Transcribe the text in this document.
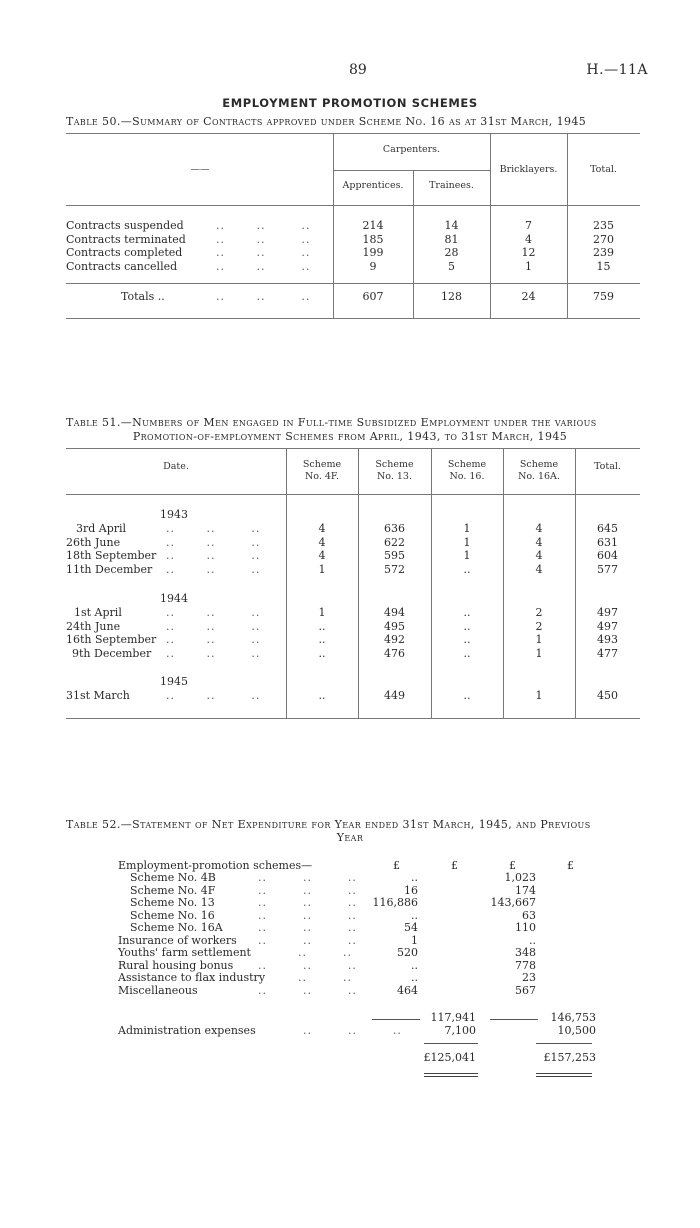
89	H.—11A
EMPLOYMENT PROMOTION SCHEMES
Table 50.—Summary of Contracts approved under Scheme No. 16 as at 31st March, 1945
——
Carpenters.
Apprentices.	Trainees.
Bricklayers.	Total.
Contracts suspended ..       ..        ..	214	14	7	235
Contracts terminated ..       ..        ..	185	81	4	270
Contracts completed ..       ..        ..	199	28	12	239
Contracts cancelled ..       ..        ..	9	5	1	15
Totals ..	..       ..        ..	607	128	24	759
Table 51.—Numbers of Men engaged in Full-time Subsidized Employment under the various
Promotion-of-employment Schemes from April, 1943, to 31st March, 1945
Date.	Scheme No. 4F.
Scheme No. 13.
Scheme No. 16.
Scheme No. 16A.
Total.
1943
3rd April ..       ..        ..	4	636	1	4	645
26th June ..       ..        ..	4	622	1	4	631
18th September ..       ..        ..	4	595	1	4	604
11th December ..       ..        ..	1	572	..	4	577
1944
1st April ..       ..        ..	1	494	..	2	497
24th June ..       ..        ..	..	495	..	2	497
16th September ..       ..        ..	..	492	..	1	493
9th December ..       ..        ..	..	476	..	1	477
1945
31st March	..       ..        ..	..	449	..	1	450
Table 52.—Statement of Net Expenditure for Year ended 31st March, 1945, and Previous
Year
£	£	£	£
Employment-promotion schemes—
Scheme No. 4B ..        ..        ..	..		1,023	
Scheme No. 4F ..        ..        ..	16		174	
Scheme No. 13 ..        ..        ..	116,886		143,667	
Scheme No. 16 ..        ..        ..	..		63	
Scheme No. 16A ..        ..        ..	54		110	
Insurance of workers ..        ..        ..	1		..	
Youths' farm settlement ..        ..	520		348	
Rural housing bonus ..        ..        ..	..		778	
Assistance to flax industry ..        ..	..		23	
Miscellaneous ..        ..        ..	464		567	
		117,941		146,753
Administration expenses ..        ..        ..		7,100		10,500
		£125,041		£157,253
